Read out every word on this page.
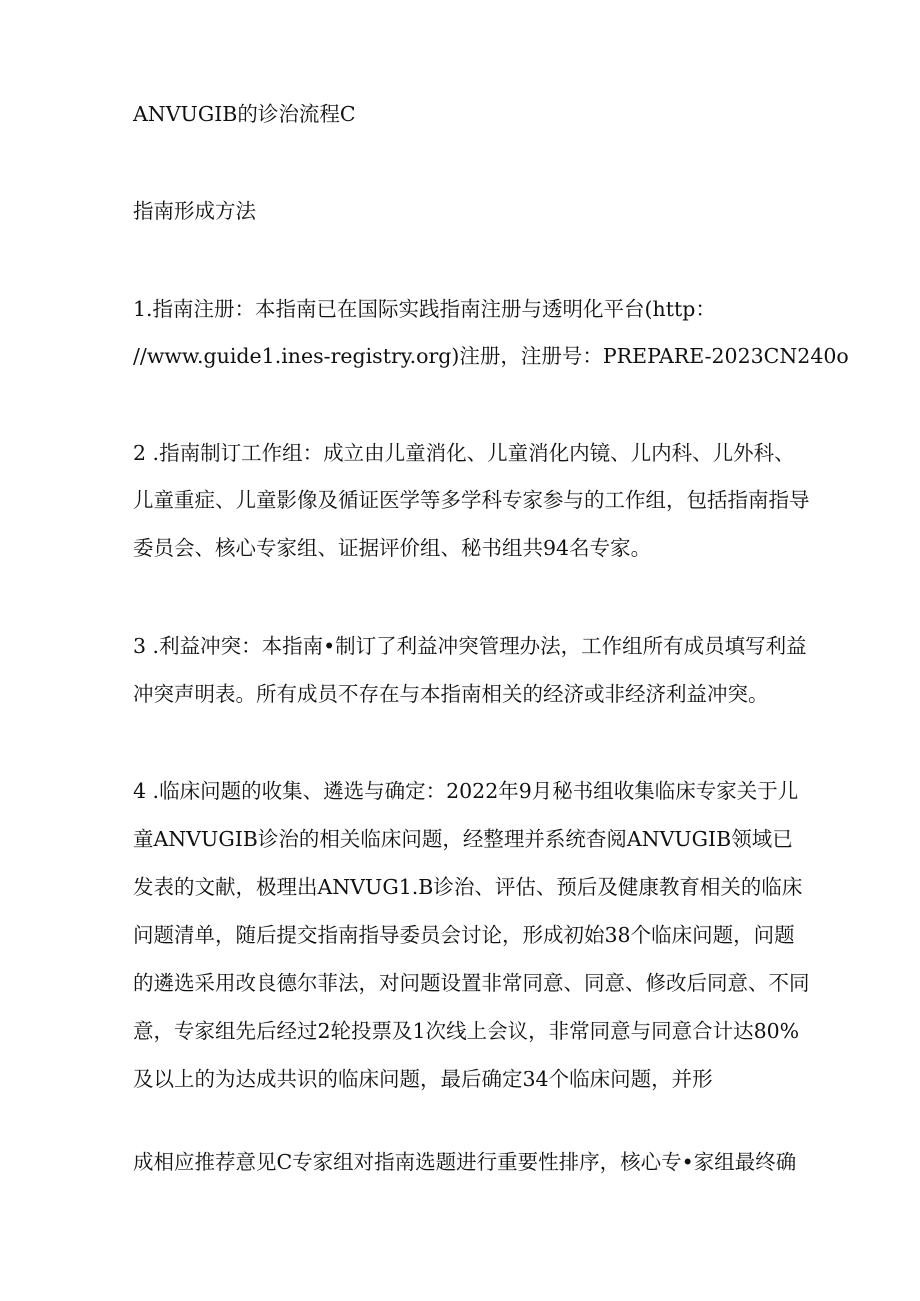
ANVUGIB的诊治流程C
指南形成方法
1.指南注册：本指南已在国际实践指南注册与透明化平台(http：
//www.guide1.ines-registry.org)注册，注册号：PREPARE-2023CN240o
2 .指南制订工作组：成立由儿童消化、儿童消化内镜、儿内科、儿外科、
儿童重症、儿童影像及循证医学等多学科专家参与的工作组，包括指南指导
委员会、核心专家组、证据评价组、秘书组共94名专家。
3 .利益冲突：本指南•制订了利益冲突管理办法，工作组所有成员填写利益
冲突声明表。所有成员不存在与本指南相关的经济或非经济利益冲突。
4 .临床问题的收集、遴选与确定：2022年9月秘书组收集临床专家关于儿
童ANVUGIB诊治的相关临床问题，经整理并系统杳阅ANVUGIB领域已
发表的文献，极理出ANVUG1.B诊治、评估、预后及健康教育相关的临床
问题清单，随后提交指南指导委员会讨论，形成初始38个临床问题，问题
的遴选采用改良德尔菲法，对问题设置非常同意、同意、修改后同意、不同
意，专家组先后经过2轮投票及1次线上会议，非常同意与同意合计达80%
及以上的为达成共识的临床问题，最后确定34个临床问题，并形
成相应推荐意见C专家组对指南选题进行重要性排序，核心专•家组最终确
